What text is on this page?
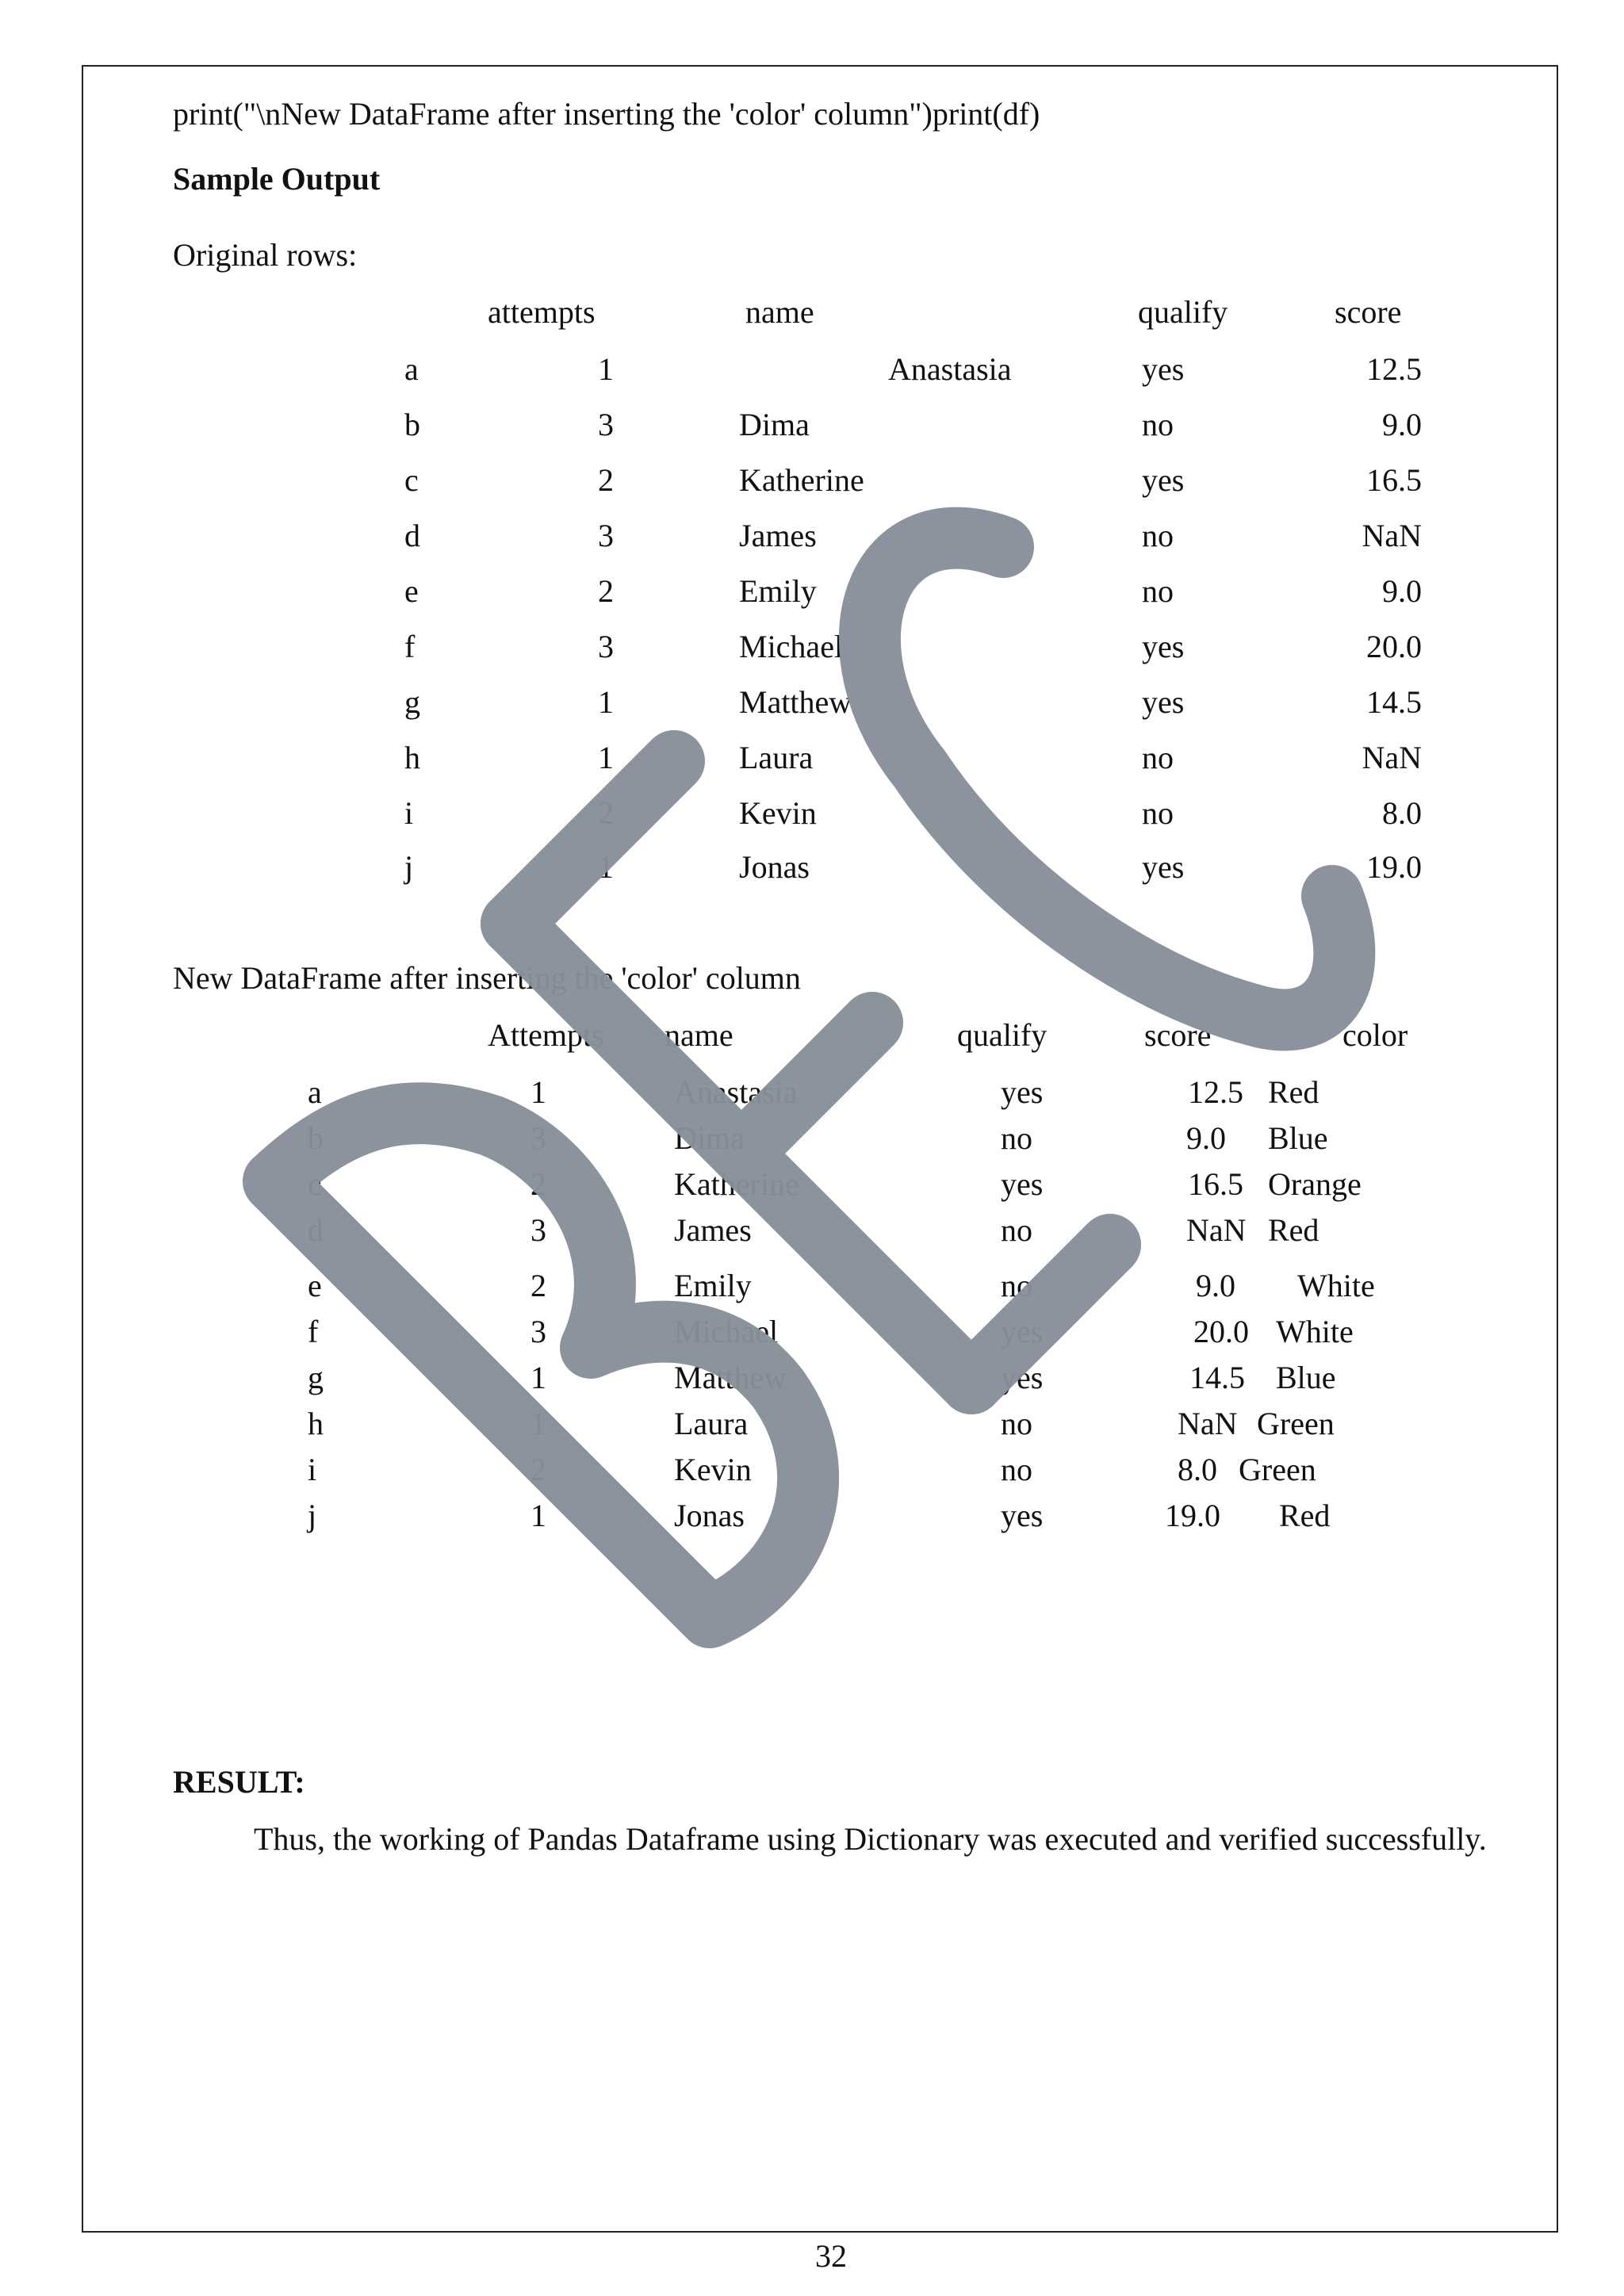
print("\nNew DataFrame after inserting the 'color' column")print(df)
Sample Output
Original rows:
attempts	name	qualify	score
a	1	Anastasia	yes	12.5
b	3	Dima	no	9.0
c	2	Katherine	yes	16.5
d	3	James	no	NaN
e	2	Emily	no	9.0
f	3	Michael	yes	20.0
g	1	Matthew	yes	14.5
h	1	Laura	no	NaN
i	2	Kevin	no	8.0
j	1	Jonas	yes	19.0
New DataFrame after inserting the 'color' column
Attempts name	qualify	score	color
a	1	Anastasia	yes	12.5 Red
b	3	Dima	no	9.0 Blue
c	2	Katherine	yes	16.5 Orange
d	3	James	no	NaN Red
e	2	Emily	no	9.0 White
f	3	Michael	yes	20.0 White
g	1	Matthew	yes	14.5 Blue
h	1	Laura	no	NaN Green
i	2	Kevin	no	8.0 Green
j	1	Jonas	yes	19.0 Red
RESULT:
Thus, the working of Pandas Dataframe using Dictionary was executed and verified successfully.
32
